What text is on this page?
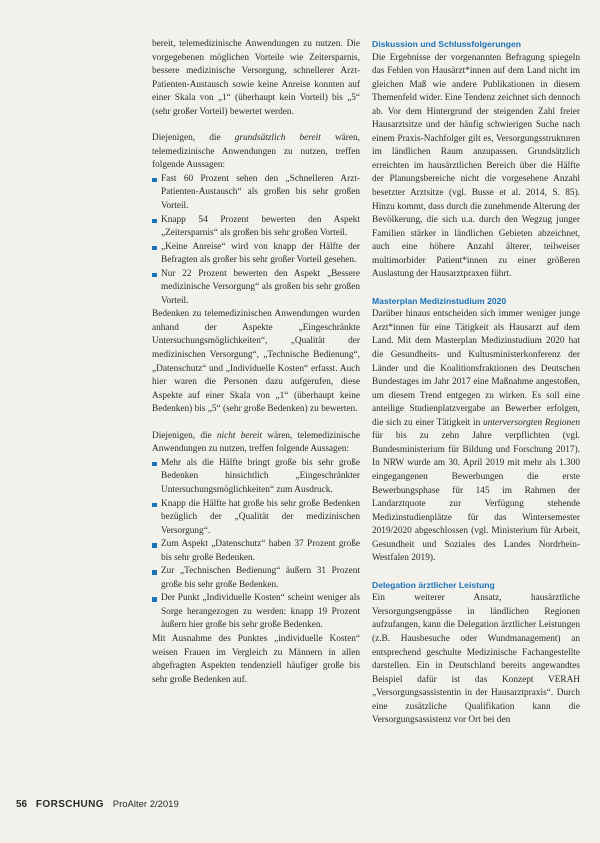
bereit, telemedizinische Anwendungen zu nutzen. Die vorgegebenen möglichen Vorteile wie Zeitersparnis, bessere medizinische Versorgung, schnellerer Arzt-Patienten-Austausch sowie keine Anreise konnten auf einer Skala von „1“ (überhaupt kein Vorteil) bis „5“ (sehr großer Vorteil) bewertet werden.

Diejenigen, die grundsätzlich bereit wären, telemedizinische Anwendungen zu nutzen, treffen folgende Aussagen:

Fast 60 Prozent sehen den „Schnelleren Arzt-Patienten-Austausch“ als großen bis sehr großen Vorteil.
Knapp 54 Prozent bewerten den Aspekt „Zeitersparnis“ als großen bis sehr großen Vorteil.
„Keine Anreise“ wird von knapp der Hälfte der Befragten als großer bis sehr großer Vorteil gesehen.
Nur 22 Prozent bewerten den Aspekt „Bessere medizinische Versorgung“ als großen bis sehr großen Vorteil.

Bedenken zu telemedizinischen Anwendungen wurden anhand der Aspekte „Eingeschränkte Untersuchungsmöglichkeiten“, „Qualität der medizinischen Versorgung“, „Technische Bedienung“, „Datenschutz“ und „Individuelle Kosten“ erfasst. Auch hier waren die Personen dazu aufgerufen, diese Aspekte auf einer Skala von „1“ (überhaupt keine Bedenken) bis „5“ (sehr große Bedenken) zu bewerten.

Diejenigen, die nicht bereit wären, telemedizinische Anwendungen zu nutzen, treffen folgende Aussagen:

Mehr als die Hälfte bringt große bis sehr große Bedenken hinsichtlich „Eingeschränkter Untersuchungsmöglichkeiten“ zum Ausdruck.
Knapp die Hälfte hat große bis sehr große Bedenken bezüglich der „Qualität der medizinischen Versorgung“.
Zum Aspekt „Datenschutz“ haben 37 Prozent große bis sehr große Bedenken.
Zur „Technischen Bedienung“ äußern 31 Prozent große bis sehr große Bedenken.
Der Punkt „Individuelle Kosten“ scheint weniger als Sorge herangezogen zu werden: knapp 19 Prozent äußern hier große bis sehr große Bedenken.

Mit Ausnahme des Punktes „individuelle Kosten“ weisen Frauen im Vergleich zu Männern in allen abgefragten Aspekten tendenziell häufiger große bis sehr große Bedenken auf.

Diskussion und Schlussfolgerungen

Die Ergebnisse der vorgenannten Befragung spiegeln das Fehlen von Hausärzt*innen auf dem Land nicht im gleichen Maß wie andere Publikationen in diesem Themenfeld wider. Eine Tendenz zeichnet sich dennoch ab. Vor dem Hintergrund der steigenden Zahl freier Hausarztsitze und der häufig schwierigen Suche nach einem Praxis-Nachfolger gilt es, Versorgungsstrukturen im ländlichen Raum anzupassen. Grundsätzlich erreichten im hausärztlichen Bereich über die Hälfte der Planungsbereiche nicht die vorgesehene Anzahl besetzter Arztsitze (vgl. Busse et al. 2014, S. 85). Hinzu kommt, dass durch die zunehmende Alterung der Bevölkerung, die sich u.a. durch den Wegzug junger Familien stärker in ländlichen Gebieten abzeichnet, auch eine höhere Anzahl älterer, teilweiser multimorbider Patient*innen zu einer größeren Auslastung der Hausarztpraxen führt.

Masterplan Medizinstudium 2020

Darüber hinaus entscheiden sich immer weniger junge Arzt*innen für eine Tätigkeit als Hausarzt auf dem Land. Mit dem Masterplan Medizinstudium 2020 hat die Gesundheits- und Kultusministerkonferenz der Länder und die Koalitionsfraktionen des Deutschen Bundestages im Jahr 2017 eine Maßnahme angestoßen, um diesem Trend entgegen zu wirken. Es soll eine anteilige Studienplatzvergabe an Bewerber erfolgen, die sich zu einer Tätigkeit in unterversorgten Regionen für bis zu zehn Jahre verpflichten (vgl. Bundesministerium für Bildung und Forschung 2017). In NRW wurde am 30. April 2019 mit mehr als 1.300 eingegangenen Bewerbungen die erste Bewerbungsphase für 145 im Rahmen der Landarztquote zur Verfügung stehende Medizinstudienplätze für das Wintersemester 2019/2020 abgeschlossen (vgl. Ministerium für Arbeit, Gesundheit und Soziales des Landes Nordrhein-Westfalen 2019).

Delegation ärztlicher Leistung

Ein weiterer Ansatz, hausärztliche Versorgungsengpässe in ländlichen Regionen aufzufangen, kann die Delegation ärztlicher Leistungen (z.B. Hausbesuche oder Wundmanagement) an entsprechend geschulte Medizinische Fachangestellte darstellen. Ein in Deutschland bereits angewandtes Beispiel dafür ist das Konzept VERAH „Versorgungsassistentin in der Hausarztpraxis“. Durch eine zusätzliche Qualifikation kann die Versorgungsassistenz vor Ort bei den

56 FORSCHUNG ProAlter 2/2019
